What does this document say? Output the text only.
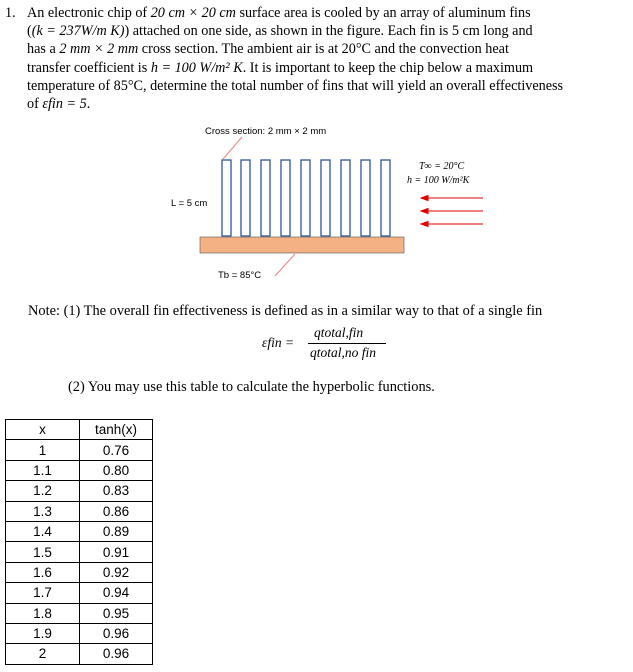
1. An electronic chip of 20 cm × 20 cm surface area is cooled by an array of aluminum fins
((k = 237W/m K)) attached on one side, as shown in the figure. Each fin is 5 cm long and
has a 2 mm × 2 mm cross section. The ambient air is at 20°C and the convection heat
transfer coefficient is h = 100 W/m² K. It is important to keep the chip below a maximum
temperature of 85°C, determine the total number of fins that will yield an overall effectiveness
of εfin = 5.
Cross section: 2 mm × 2 mm
L = 5 cm
T∞ = 20°C
h = 100 W/m²K
Tb = 85°C
Note: (1) The overall fin effectiveness is defined as in a similar way to that of a single fin
εfin =
qtotal,fin
qtotal,no fin
(2) You may use this table to calculate the hyperbolic functions.
x	tanh(x)
1	0.76
1.1	0.80
1.2	0.83
1.3	0.86
1.4	0.89
1.5	0.91
1.6	0.92
1.7	0.94
1.8	0.95
1.9	0.96
2	0.96
